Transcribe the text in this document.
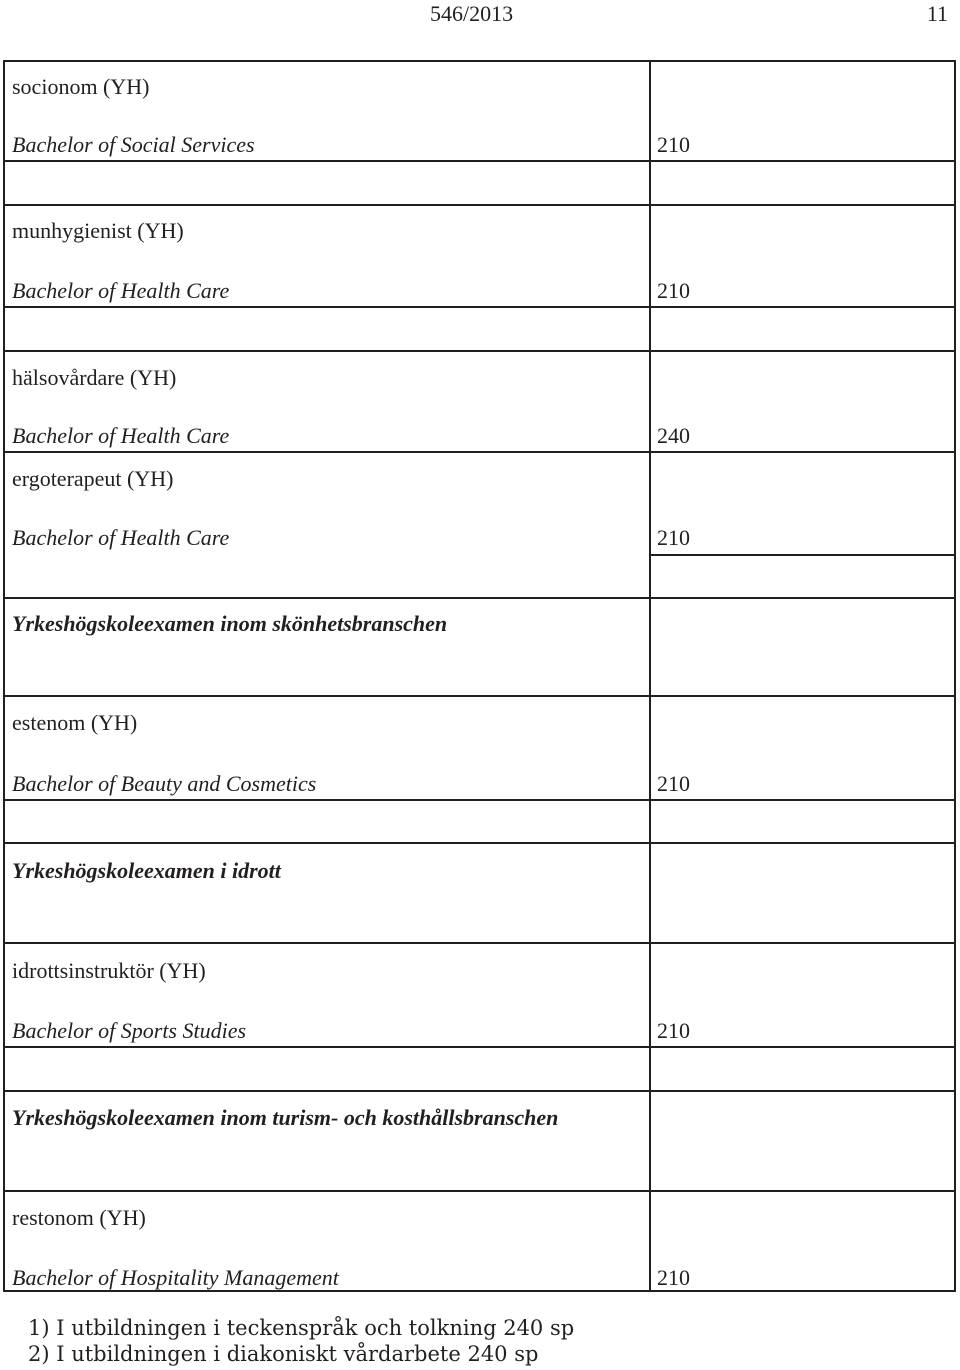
546/2013	11
socionom (YH)
Bachelor of Social Services	210
munhygienist (YH)
Bachelor of Health Care	210
hälsovårdare (YH)
Bachelor of Health Care	240
ergoterapeut (YH)
Bachelor of Health Care	210
Yrkeshögskoleexamen inom skönhetsbranschen
estenom (YH)
Bachelor of Beauty and Cosmetics	210
Yrkeshögskoleexamen i idrott
idrottsinstruktör (YH)
Bachelor of Sports Studies	210
Yrkeshögskoleexamen inom turism- och kosthållsbranschen
restonom (YH)
Bachelor of Hospitality Management	210
1) I utbildningen i teckenspråk och tolkning 240 sp
2) I utbildningen i diakoniskt vårdarbete 240 sp
